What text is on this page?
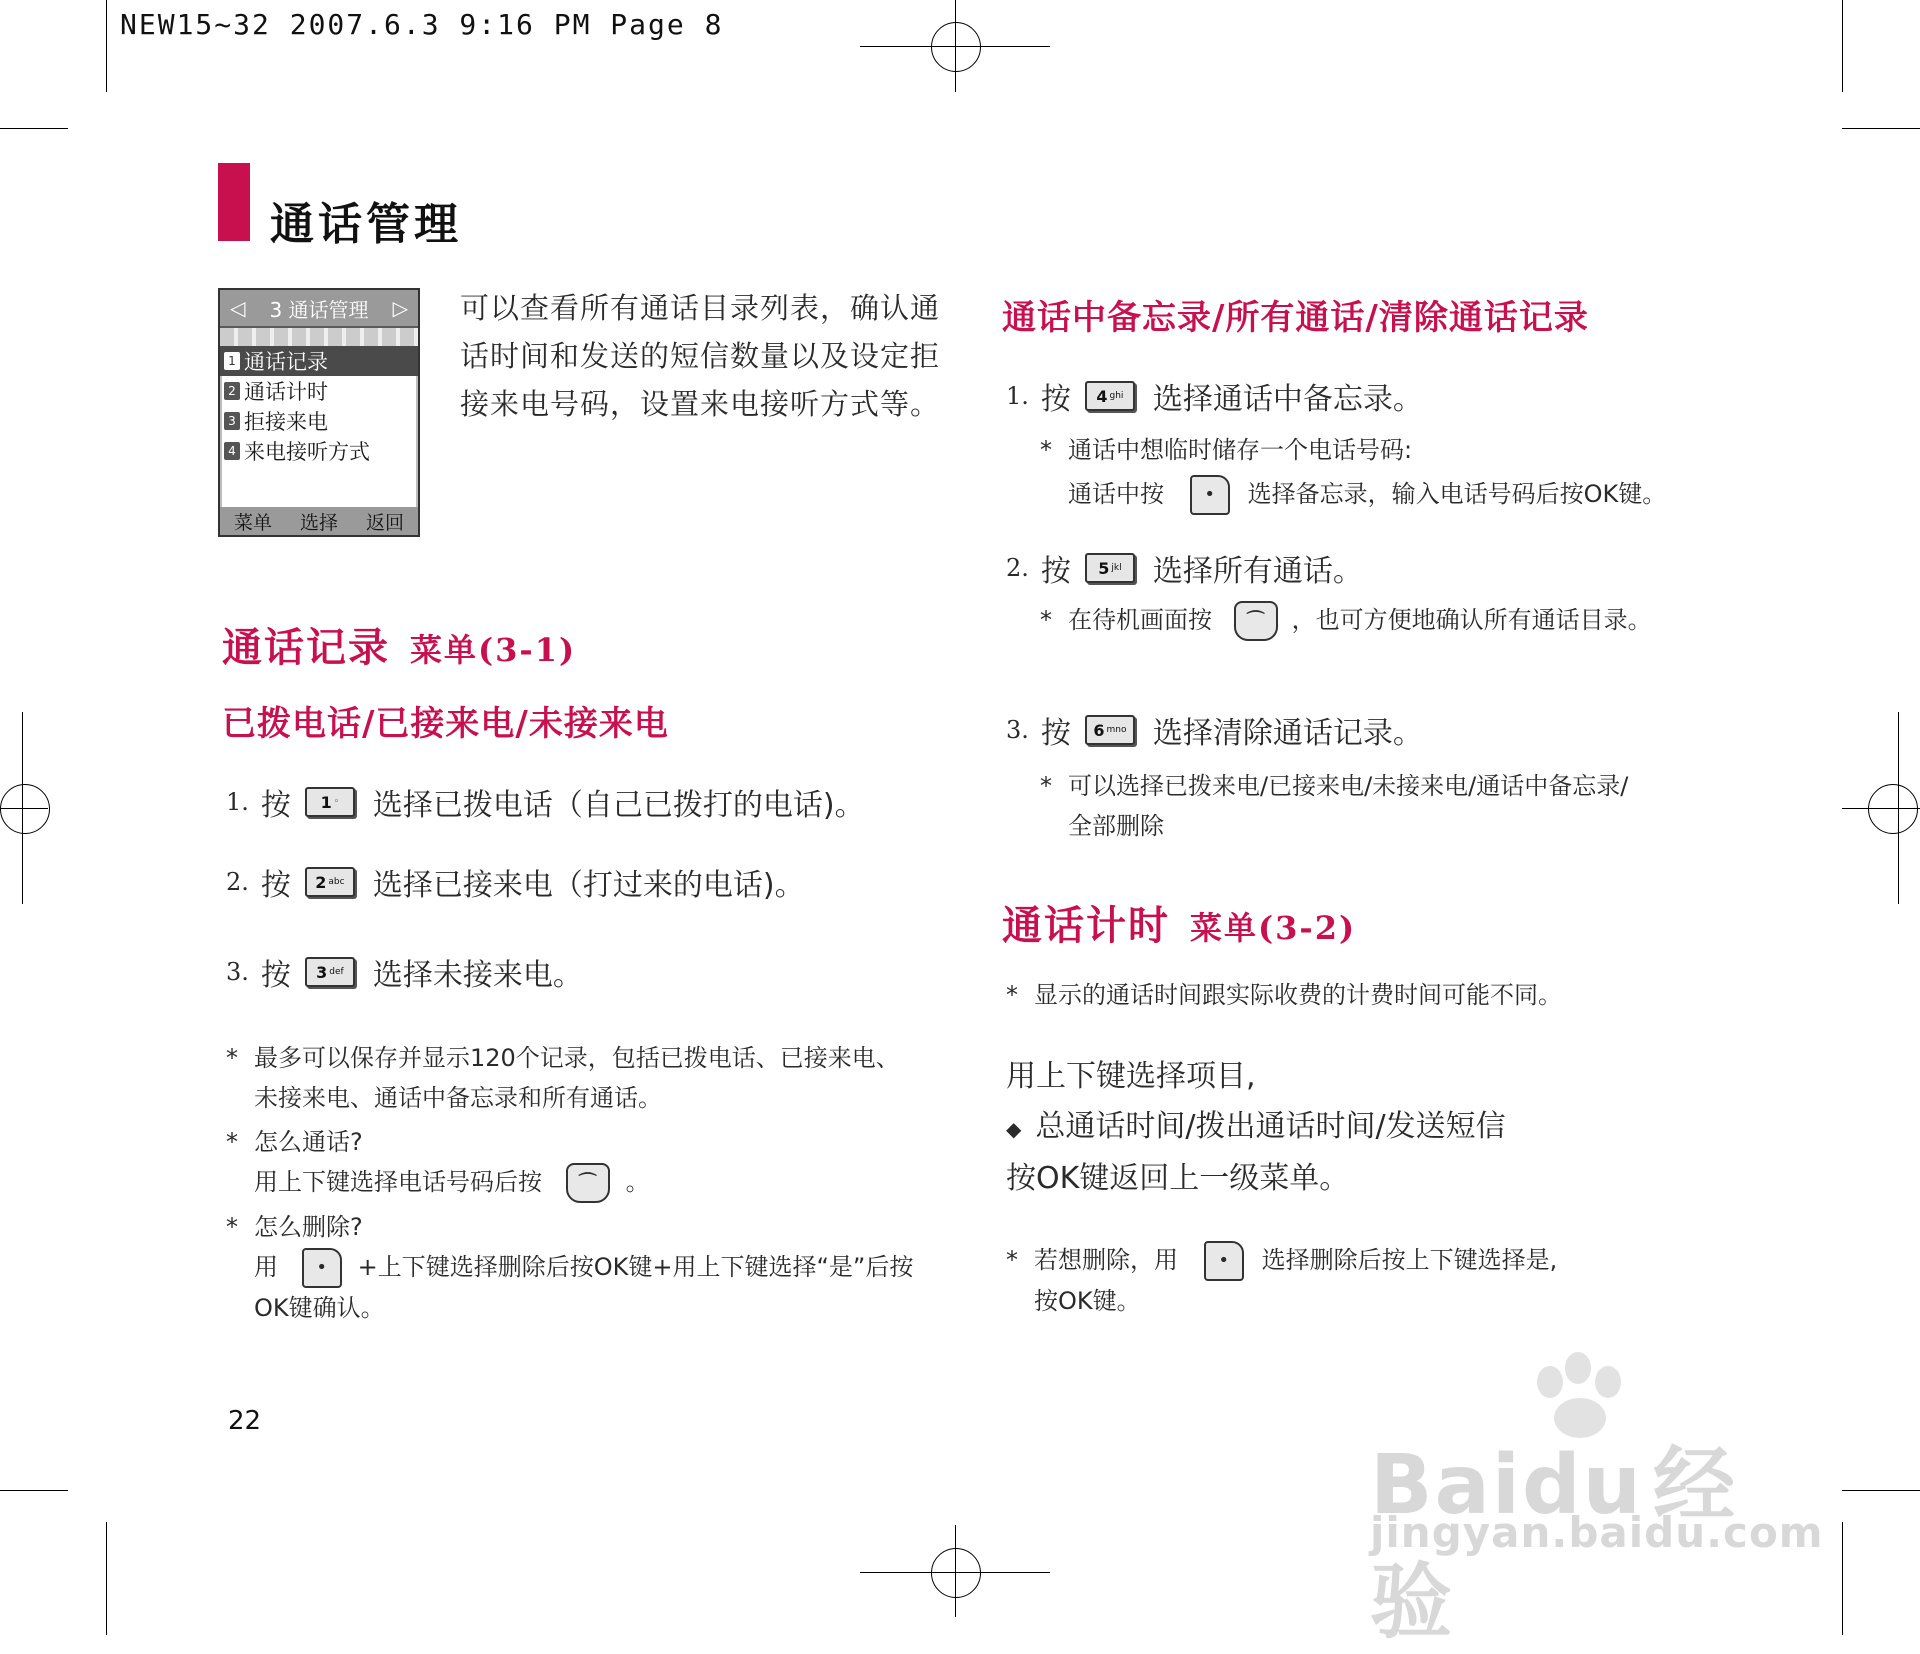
NEW15~32 2007.6.3 9:16 PM Page 8
通话管理
◁ 3 通话管理 ▷
1 通话记录
2 通话计时
3 拒接来电
4 来电接听方式
菜单 选择 返回
可以查看所有通话目录列表，确认通
话时间和发送的短信数量以及设定拒
接来电号码，设置来电接听方式等。
通话记录 菜单(3-1)
已拨电话/已接来电/未接来电
1. 按 1 ◦ 选择已拨电话（自己已拨打的电话)。
2. 按 2 abc 选择已接来电（打过来的电话)。
3. 按 3 def 选择未接来电。
* 最多可以保存并显示120个记录，包括已拨电话、已接来电、
未接来电、通话中备忘录和所有通话。
* 怎么通话?
用上下键选择电话号码后按 ⌒ 。
* 怎么删除?
用 • +上下键选择删除后按OK键+用上下键选择“是”后按
OK键确认。
通话中备忘录/所有通话/清除通话记录
1. 按 4 ghi 选择通话中备忘录。
* 通话中想临时储存一个电话号码:
通话中按 • 选择备忘录，输入电话号码后按OK键。
2. 按 5 jkl 选择所有通话。
* 在待机画面按 ⌒ ，也可方便地确认所有通话目录。
3. 按 6 mno 选择清除通话记录。
* 可以选择已拨来电/已接来电/未接来电/通话中备忘录/
全部删除
通话计时 菜单(3-2)
* 显示的通话时间跟实际收费的计费时间可能不同。
用上下键选择项目,
◆ 总通话时间/拨出通话时间/发送短信
按OK键返回上一级菜单。
* 若想删除，用 • 选择删除后按上下键选择是,
按OK键。
22
Baidu 经验
jingyan.baidu.com
